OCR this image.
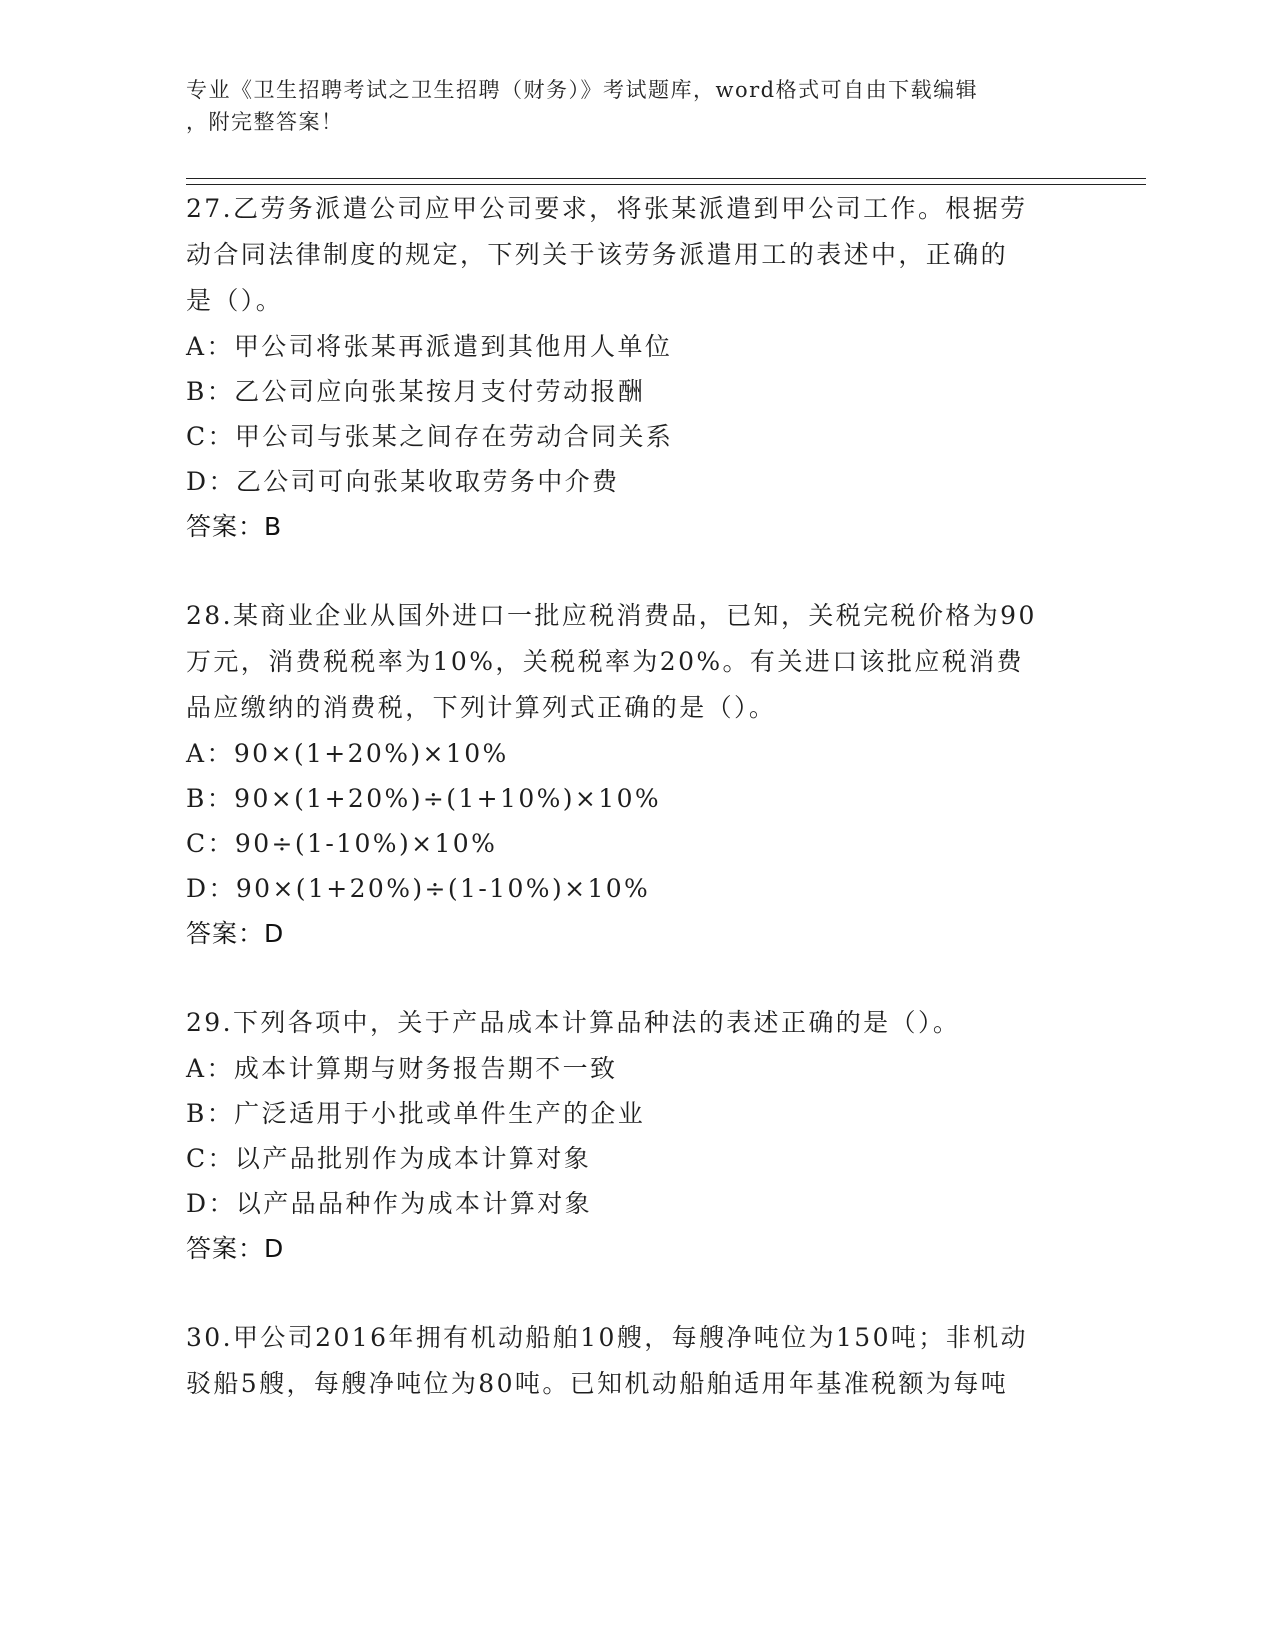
专业《卫生招聘考试之卫生招聘（财务）》考试题库，word格式可自由下载编辑
，附完整答案！
27.乙劳务派遣公司应甲公司要求，将张某派遣到甲公司工作。根据劳
动合同法律制度的规定，下列关于该劳务派遣用工的表述中，正确的
是（）。
A：甲公司将张某再派遣到其他用人单位
B：乙公司应向张某按月支付劳动报酬
C：甲公司与张某之间存在劳动合同关系
D：乙公司可向张某收取劳务中介费
答案：B
28.某商业企业从国外进口一批应税消费品，已知，关税完税价格为90
万元，消费税税率为10%，关税税率为20%。有关进口该批应税消费
品应缴纳的消费税，下列计算列式正确的是（）。
A：90×(1+20%)×10%
B：90×(1+20%)÷(1+10%)×10%
C：90÷(1-10%)×10%
D：90×(1+20%)÷(1-10%)×10%
答案：D
29.下列各项中，关于产品成本计算品种法的表述正确的是（）。
A：成本计算期与财务报告期不一致
B：广泛适用于小批或单件生产的企业
C：以产品批别作为成本计算对象
D：以产品品种作为成本计算对象
答案：D
30.甲公司2016年拥有机动船舶10艘，每艘净吨位为150吨；非机动
驳船5艘，每艘净吨位为80吨。已知机动船舶适用年基准税额为每吨
